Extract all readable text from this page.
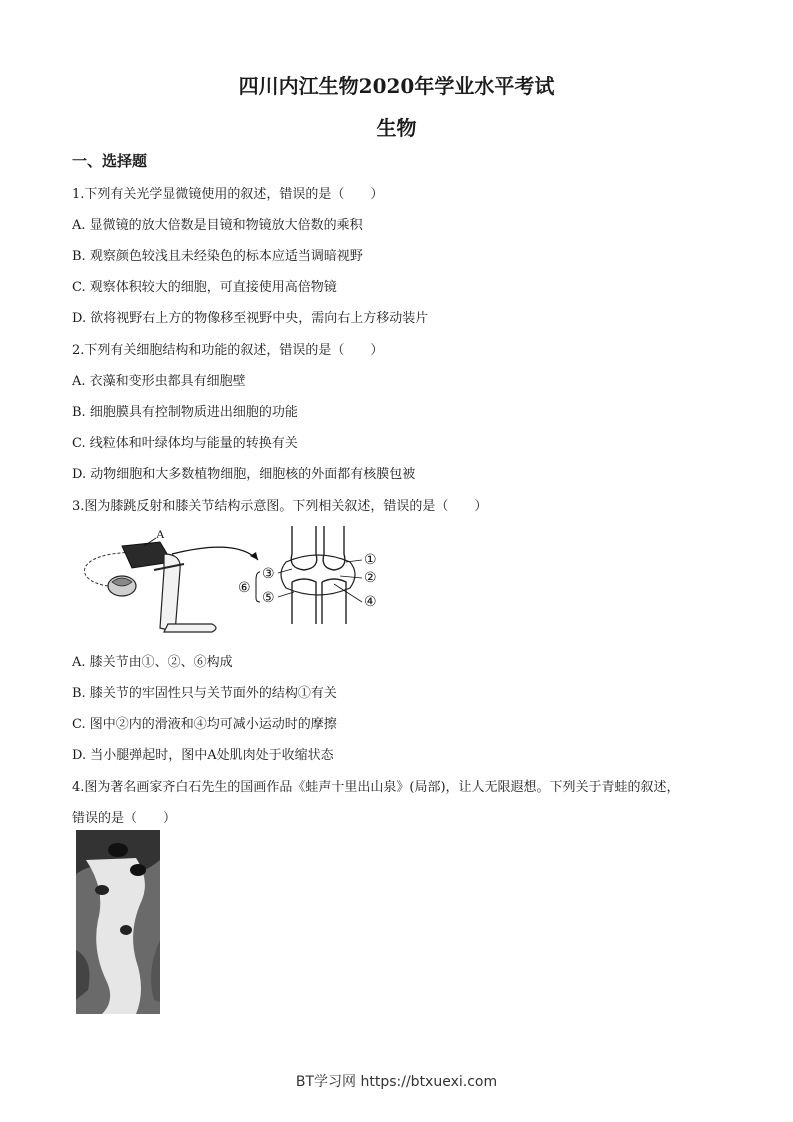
四川内江生物2020年学业水平考试
生物
一、选择题
1.下列有关光学显微镜使用的叙述，错误的是（　　）
A. 显微镜的放大倍数是目镜和物镜放大倍数的乘积
B. 观察颜色较浅且未经染色的标本应适当调暗视野
C. 观察体积较大的细胞，可直接使用高倍物镜
D. 欲将视野右上方的物像移至视野中央，需向右上方移动装片
2.下列有关细胞结构和功能的叙述，错误的是（　　）
A. 衣藻和变形虫都具有细胞壁
B. 细胞膜具有控制物质进出细胞的功能
C. 线粒体和叶绿体均与能量的转换有关
D. 动物细胞和大多数植物细胞，细胞核的外面都有核膜包被
3.图为膝跳反射和膝关节结构示意图。下列相关叙述，错误的是（　　）
A
③
⑥
⑤
①
②
④
A. 膝关节由①、②、⑥构成
B. 膝关节的牢固性只与关节面外的结构①有关
C. 图中②内的滑液和④均可减小运动时的摩擦
D. 当小腿弹起时，图中A处肌肉处于收缩状态
4.图为著名画家齐白石先生的国画作品《蛙声十里出山泉》(局部)，让人无限遐想。下列关于青蛙的叙述，
错误的是（　　）
BT学习网 https://btxuexi.com
